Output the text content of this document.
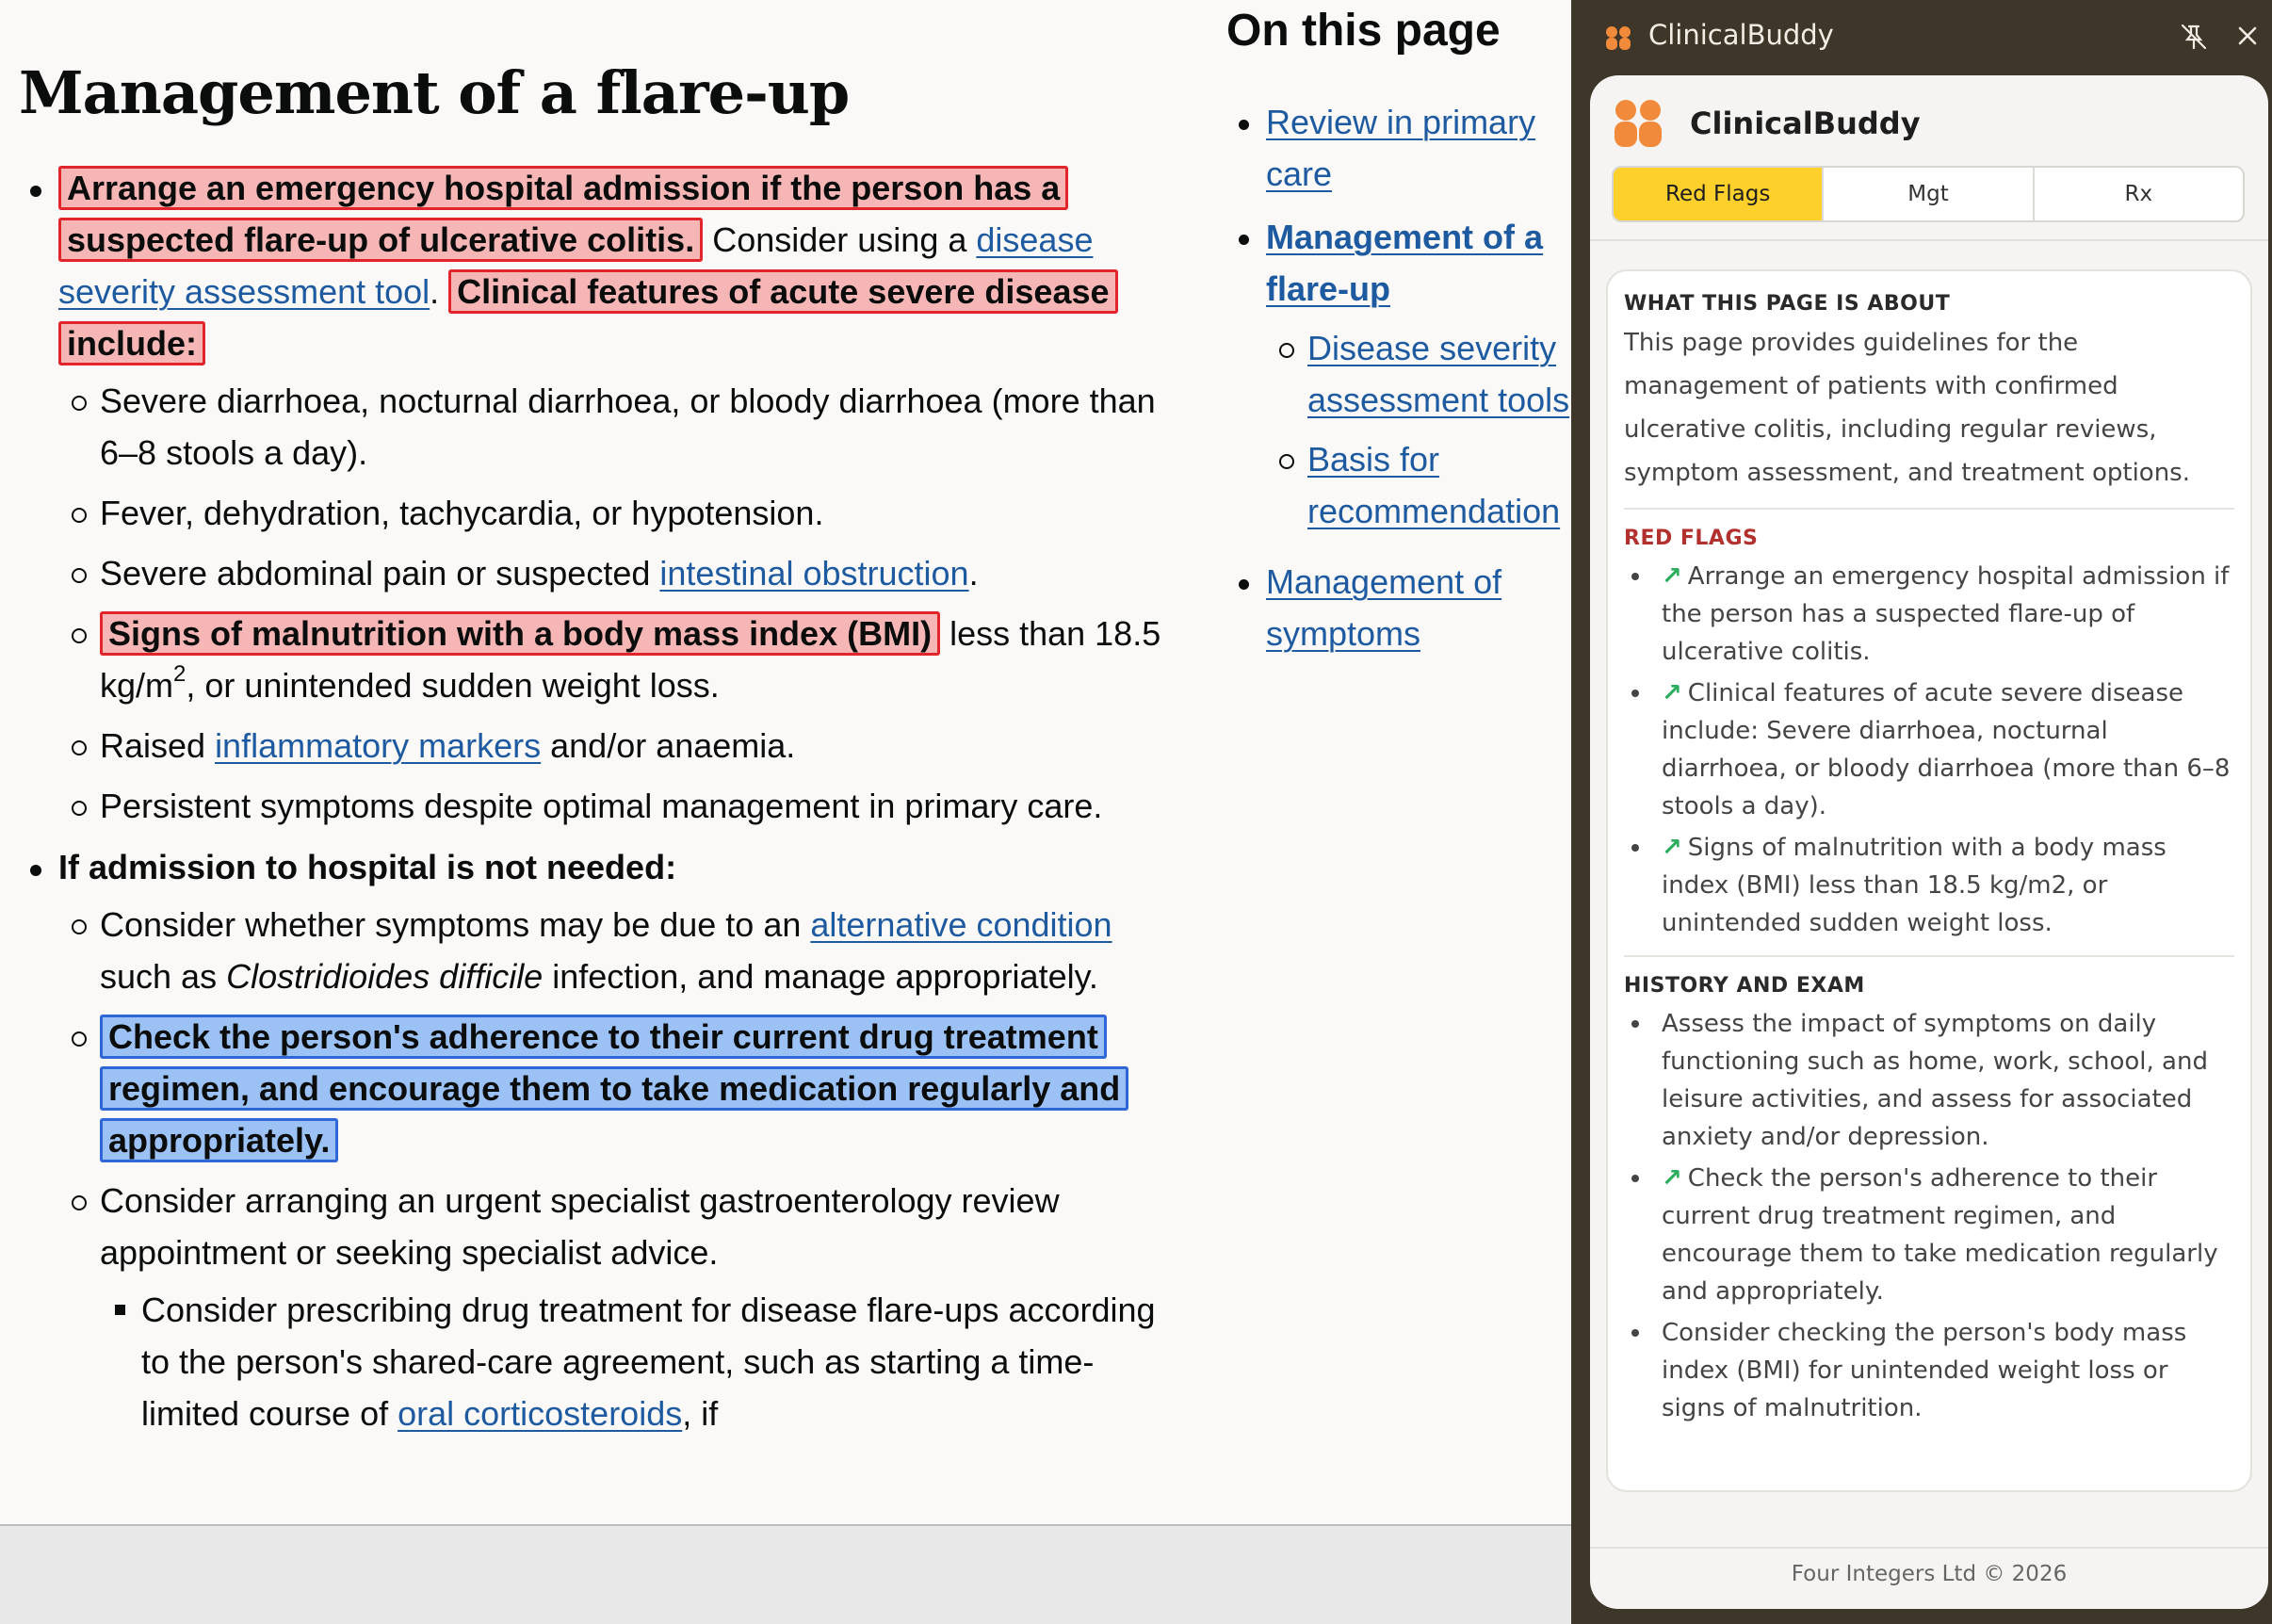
Management of a flare-up
Arrange an emergency hospital admission if the person has a suspected flare-up of ulcerative colitis. Consider using a disease severity assessment tool. Clinical features of acute severe disease include:
Severe diarrhoea, nocturnal diarrhoea, or bloody diarrhoea (more than 6–8 stools a day).
Fever, dehydration, tachycardia, or hypotension.
Severe abdominal pain or suspected intestinal obstruction.
Signs of malnutrition with a body mass index (BMI) less than 18.5 $kg/m^2$, or unintended sudden weight loss.
Raised inflammatory markers and/or anaemia.
Persistent symptoms despite optimal management in primary care.
If admission to hospital is not needed:
Consider whether symptoms may be due to an alternative condition such as Clostridioides difficile infection, and manage appropriately.
Check the person's adherence to their current drug treatment regimen, and encourage them to take medication regularly and appropriately.
Consider arranging an urgent specialist gastroenterology review appointment or seeking specialist advice.
Consider prescribing drug treatment for disease flare-ups according to the person's shared-care agreement, such as starting a time-limited course of oral corticosteroids, if
On this page
Review in primary care
Management of a flare-up
Disease severity assessment tools
Basis for recommendation
Management of symptoms
ClinicalBuddy
ClinicalBuddy
Red Flags	Mgt	Rx
WHAT THIS PAGE IS ABOUT
This page provides guidelines for the management of patients with confirmed ulcerative colitis, including regular reviews, symptom assessment, and treatment options.
RED FLAGS
↗ Arrange an emergency hospital admission if the person has a suspected flare-up of ulcerative colitis.
↗ Clinical features of acute severe disease include: Severe diarrhoea, nocturnal diarrhoea, or bloody diarrhoea (more than 6–8 stools a day).
↗ Signs of malnutrition with a body mass index (BMI) less than 18.5 kg/m2, or unintended sudden weight loss.
HISTORY AND EXAM
Assess the impact of symptoms on daily functioning such as home, work, school, and leisure activities, and assess for associated anxiety and/or depression.
↗ Check the person's adherence to their current drug treatment regimen, and encourage them to take medication regularly and appropriately.
Consider checking the person's body mass index (BMI) for unintended weight loss or signs of malnutrition.
Four Integers Ltd © 2026
